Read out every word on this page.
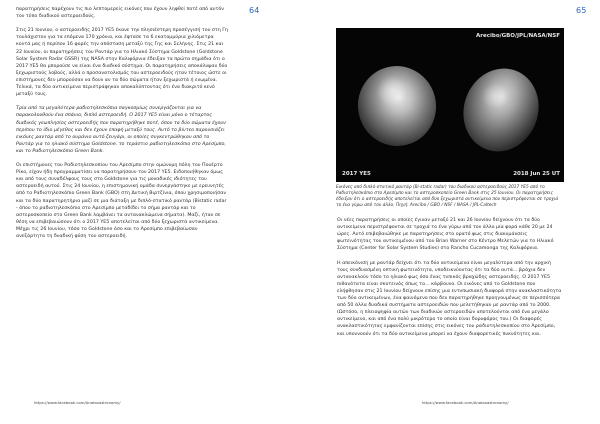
64

παρατηρήσεις παρέχουν τις πιο λεπτομερείς εικόνες που έχουν ληφθεί ποτέ από αυτόν τον τύπο διαδικού αστεροειδούς.

Στις 21 Ιουνίου, ο αστεροειδής 2017 YE5 έκανε την πλησιέστερη προσέγγισή του στη Γη τουλάχιστον για τα επόμενα 170 χρόνια, και έφτασε τα 6 εκατομμύρια χιλιόμετρα κοντά μας ή περίπου 16 φορές την απόσταση μεταξύ της Γης και Σελήνης. Στις 21 και 22 Ιουνίου, οι παρατηρήσεις του Ραντάρ για το Ηλιακό Σύστημα Goldstone (Goldstone Solar System Radar GSSR) της NASA στην Καλιφόρνια έδειξαν τα πρώτα σημάδια ότι ο 2017 YE5 θα μπορούσε να είναι ένα διαδικό σύστημα. Οι παρατηρήσεις αποκάλυψαν δύο ξεχωριστούς λοβούς, αλλά ο προσανατολισμός του αστεροειδούς ήταν τέτοιος ώστε οι επιστήμονες δεν μπορούσαν να δουν αν τα δύο σώματα ήταν ξεχωριστά ή ενωμένα. Τελικά, τα δύο αντικείμενα περιστράφηκαν αποκαλύπτοντας ότι ένα διακριτό κενό μεταξύ τους.

Τρία από τα μεγαλύτερα ραδιοτηλεσκόπια παγκοσμίως συνεργάζονται για να παρακολουθούν ένα σπάνιο, διπλό αστεροειδή. Ο 2017 YE5 είναι μόνο ο τέταρτος διαδικός γεωπλησίος αστεροειδής που παρατηρήθηκε ποτέ, όπου τα δύο σώματα έχουν περίπου το ίδιο μέγεθος και δεν έχουν επαφή μεταξύ τους. Αυτό το βίντεο παρουσιάζει εικόνες ραντάρ από το ουράνιο αυτό ζευγάρι, οι οποίες συγκεντρώθηκαν από το Ραντάρ για το ηλιακό σύστημα Goldstone, το τεράστιο ραδιοτηλεσκόπιο στο Αρεσίμπο, και το Ραδιοτηλεσκόπιο Green Bank.

Οι επιστήμονες του Ραδιοτηλεσκοπίου του Αρεσίμπο στην ομώνυμη πόλη του Πουέρτο Ρίκο, είχαν ήδη προγραμματίσει να παρατηρήσουν τον 2017 YE5. Ειδοποιήθηκαν όμως και από τους συναδέλφους τους στο Goldstone για τις μοναδικές ιδιότητες του αστεροειδή αυτού. Στις 24 Ιουνίου, η επιστημονική ομάδα συνεργάστηκε με ερευνητές από το Ραδιοτηλεσκόπιο Green Bank (GBO) στη Δυτική Βιρτζίνια, όπου χρησιμοποιήσαν και τα δύο παρατηρητήρια μαζί σε μια διάταξη με διπλό-στατικό ραντάρ (Bistatic radar - όπου το ραδιοτηλεσκόπιο στο Αρεσίμπο μεταδίδει το σήμα ραντάρ και το αστεροσκοπείο στο Green Bank λαμβάνει τα αντανακλώμενα σήματα). Μαζί, ήταν σε θέση να επιβεβαιώσουν ότι ο 2017 YE5 αποτελείται από δύο ξεχωριστά αντικείμενα. Μέχρι τις 26 Ιουνίου, τόσο το Goldstone όσο και το Αρεσίμπο επιβεβαίωσαν ανεξάρτητα τη δυαδική φύση του αστεροειδή.

https://www.facebook.com/Anatoxastronomy/
65
Arecibo/GBO/JPL/NASA/NSF
2017 YE5	2018 Jun 25 UT
Εικόνες από διπλό-στατικό ραντάρ (Bi-static radar) του διαδικού αστεροειδούς 2017 YE5 από το Ραδιοτηλεσκόπιο στο Αρεσίμπο και το αστεροσκοπείο Green Bank στις 25 Ιουνίου. Οι παρατηρήσεις έδειξαν ότι ο αστεροειδής αποτελείται από δύο ξεχωριστά αντικείμενα που περιστρέφονται σε τροχιά το ένα γύρω από τον άλλο. Πηγή: Arecibo / GBO / NSF / NASA / JPL-Caltech

Οι νέες παρατηρήσεις οι οποίες έγιναν μεταξύ 21 και 26 Ιουνίου δείχνουν ότι τα δύο αντικείμενα περιστρέφονται σε τροχιά το ένα γύρω από τον άλλο μία φορά κάθε 20 με 24 ώρες. Αυτό επιβεβαιώθηκε με παρατηρήσεις στο ορατό φως στις διακυμάνσεις φωτεινότητας του αντικειμένου από τον Brian Warner στο Κέντρο Μελετών για το Ηλιακό Σύστημα (Center for Solar System Studies) στο Rancho Cucamonga της Καλιφόρνια.

Η απεικόνιση με ραντάρ δείχνει ότι τα δύο αντικείμενα είναι μεγαλύτερα από την αρχική τους συνδυασμένη οπτική φωτεινότητα, υποδεικνύοντας ότι τα δύο αυτά... βράχια δεν αντανακλούν τόσο το ηλιακό φως όσο ένας τυπικός βραχώδης αστεροειδής. Ο 2017 YE5 πιθανότατα είναι σκοτεινός όπως το... κάρβουνο. Οι εικόνες από το Goldstone που ελήφθησαν στις 21 Ιουνίου δείχνουν επίσης μια εντυπωσιακή διαφορά στην ανακλαστικότητα των δύο αντικειμένων, ένα φαινόμενο που δεν παρατηρήθηκε προηγουμένως σε περισσότερα από 50 άλλα δυαδικά συστήματα αστεροειδών που μελετήθηκαν με ραντάρ από το 2000. (Ωστόσο, η πλειοψηφία αυτών των διαδικών αστεροειδών αποτελούνται από ένα μεγάλο αντικείμενο, και από ένα πολύ μικρότερο το οποίο είναι δορυφόρος του.) Οι διαφορές ανακλαστικότητας εμφανίζονται επίσης στις εικόνες του ραδιοτηλεσκοπίου στο Αρεσίμπο, και υποννοούν ότι τα δύο αντικείμενα μπορεί να έχουν διαφορετικές πυκνότητες και.

https://www.facebook.com/Anatoxastronomy/
